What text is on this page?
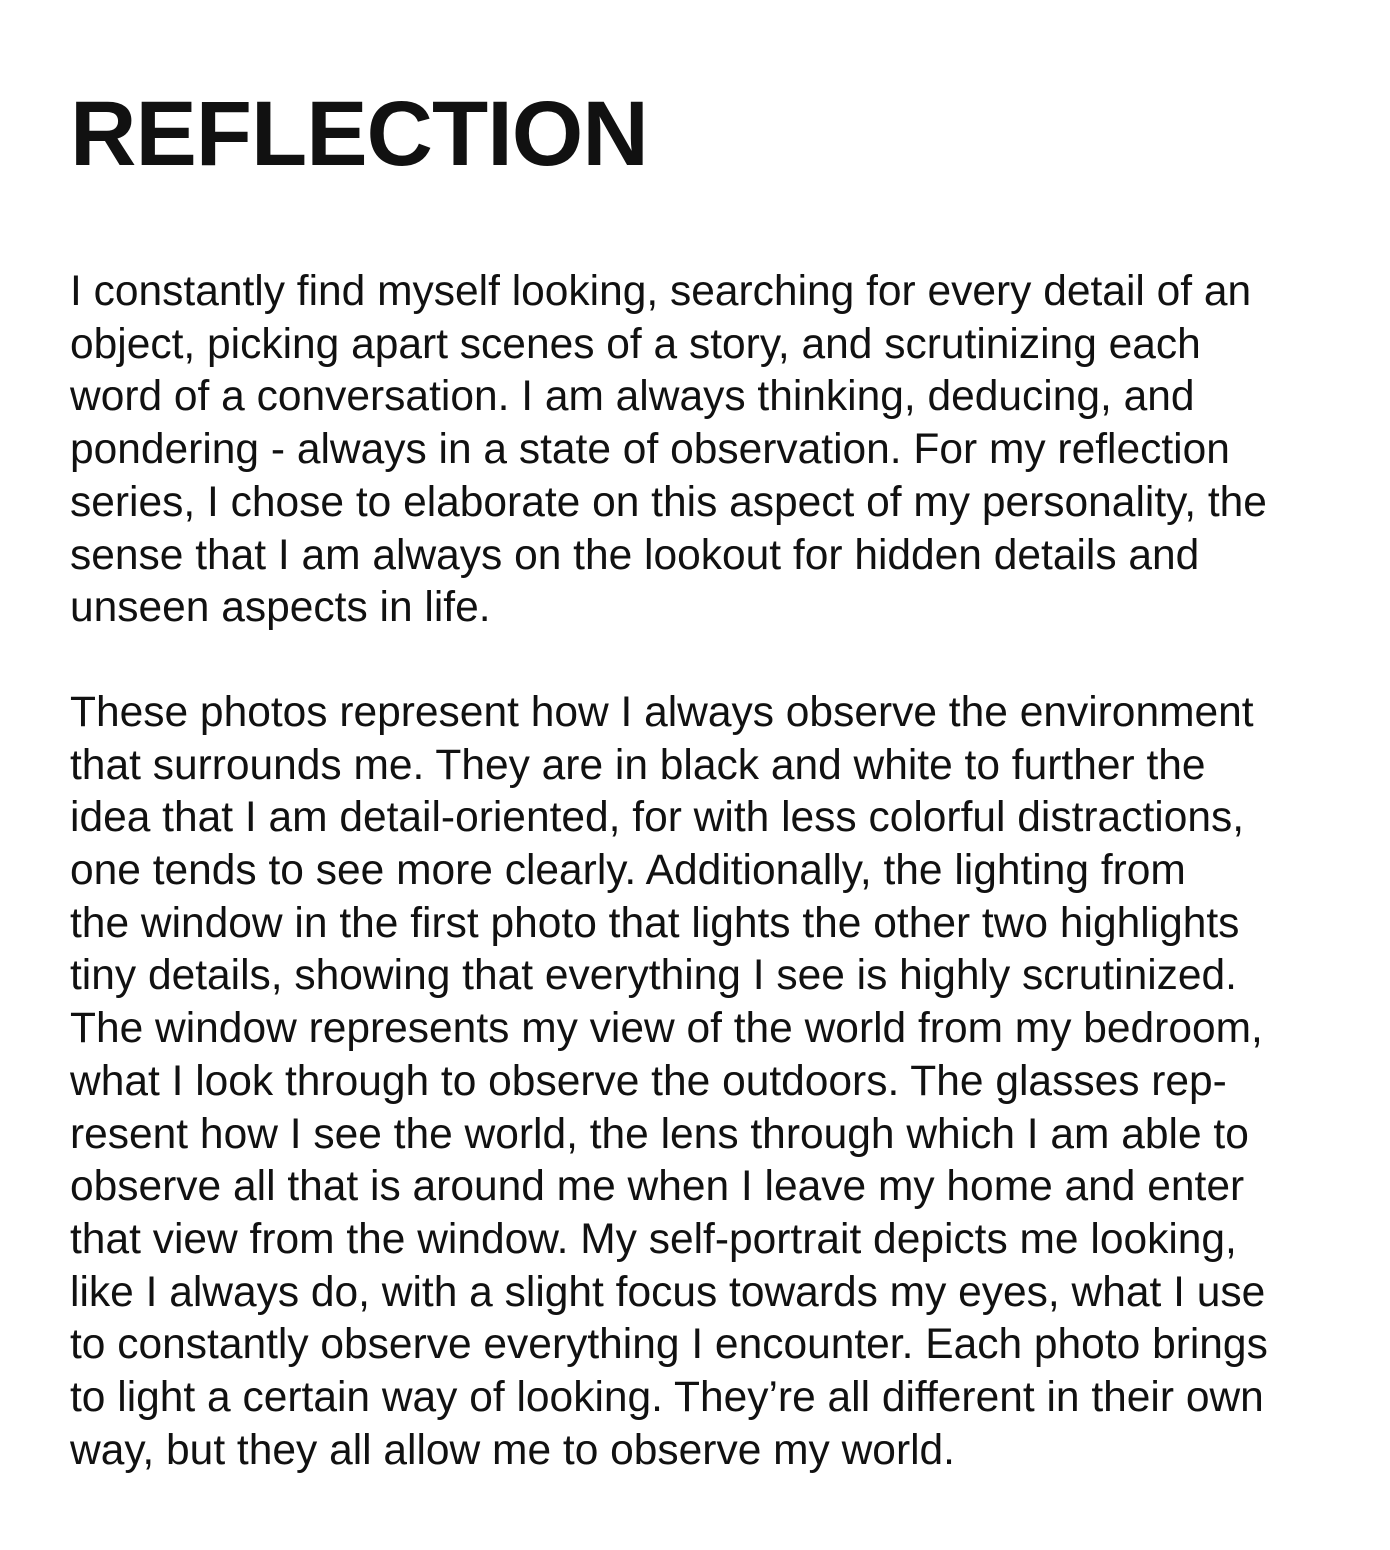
REFLECTION

I constantly find myself looking, searching for every detail of an
object, picking apart scenes of a story, and scrutinizing each
word of a conversation. I am always thinking, deducing, and
pondering - always in a state of observation. For my reflection
series, I chose to elaborate on this aspect of my personality, the
sense that I am always on the lookout for hidden details and
unseen aspects in life.

These photos represent how I always observe the environment
that surrounds me. They are in black and white to further the
idea that I am detail-oriented, for with less colorful distractions,
one tends to see more clearly. Additionally, the lighting from
the window in the first photo that lights the other two highlights
tiny details, showing that everything I see is highly scrutinized.
The window represents my view of the world from my bedroom,
what I look through to observe the outdoors. The glasses rep-
resent how I see the world, the lens through which I am able to
observe all that is around me when I leave my home and enter
that view from the window. My self-portrait depicts me looking,
like I always do, with a slight focus towards my eyes, what I use
to constantly observe everything I encounter. Each photo brings
to light a certain way of looking. They’re all different in their own
way, but they all allow me to observe my world.
